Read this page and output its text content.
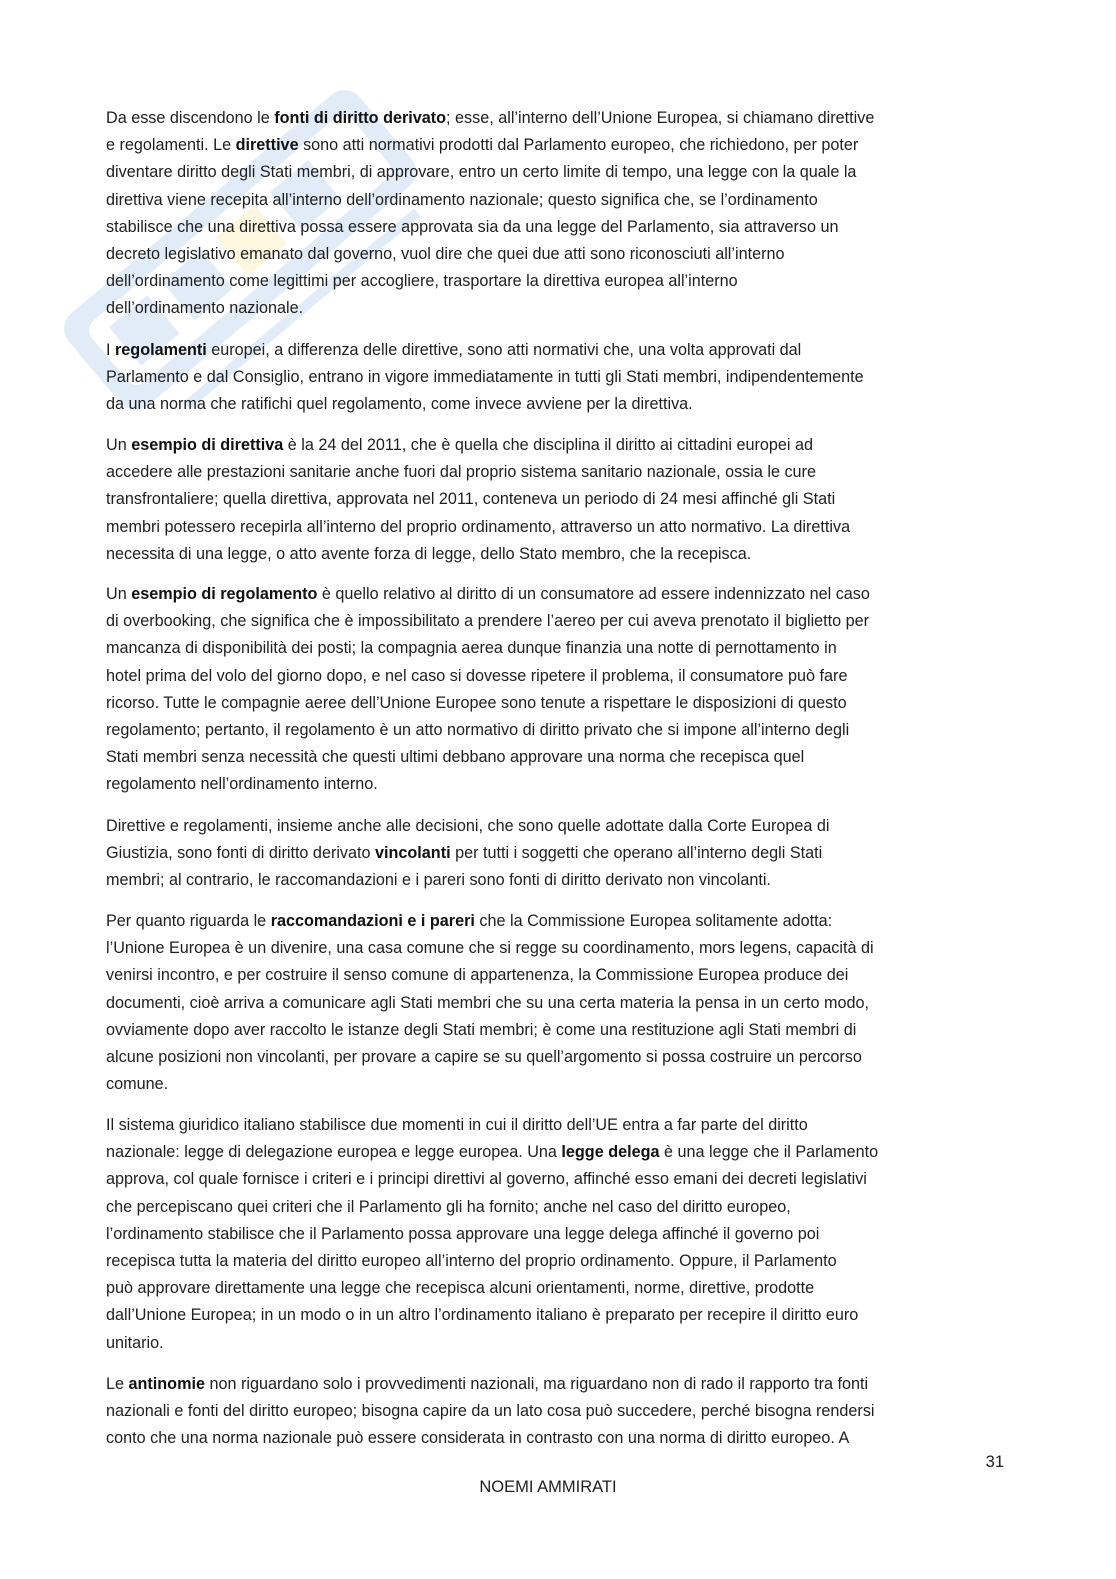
Da esse discendono le fonti di diritto derivato; esse, all’interno dell’Unione Europea, si chiamano direttive
e regolamenti. Le direttive sono atti normativi prodotti dal Parlamento europeo, che richiedono, per poter
diventare diritto degli Stati membri, di approvare, entro un certo limite di tempo, una legge con la quale la
direttiva viene recepita all’interno dell’ordinamento nazionale; questo significa che, se l’ordinamento
stabilisce che una direttiva possa essere approvata sia da una legge del Parlamento, sia attraverso un
decreto legislativo emanato dal governo, vuol dire che quei due atti sono riconosciuti all’interno
dell’ordinamento come legittimi per accogliere, trasportare la direttiva europea all’interno
dell’ordinamento nazionale.
I regolamenti europei, a differenza delle direttive, sono atti normativi che, una volta approvati dal
Parlamento e dal Consiglio, entrano in vigore immediatamente in tutti gli Stati membri, indipendentemente
da una norma che ratifichi quel regolamento, come invece avviene per la direttiva.
Un esempio di direttiva è la 24 del 2011, che è quella che disciplina il diritto ai cittadini europei ad
accedere alle prestazioni sanitarie anche fuori dal proprio sistema sanitario nazionale, ossia le cure
transfrontaliere; quella direttiva, approvata nel 2011, conteneva un periodo di 24 mesi affinché gli Stati
membri potessero recepirla all’interno del proprio ordinamento, attraverso un atto normativo. La direttiva
necessita di una legge, o atto avente forza di legge, dello Stato membro, che la recepisca.
Un esempio di regolamento è quello relativo al diritto di un consumatore ad essere indennizzato nel caso
di overbooking, che significa che è impossibilitato a prendere l’aereo per cui aveva prenotato il biglietto per
mancanza di disponibilità dei posti; la compagnia aerea dunque finanzia una notte di pernottamento in
hotel prima del volo del giorno dopo, e nel caso si dovesse ripetere il problema, il consumatore può fare
ricorso. Tutte le compagnie aeree dell’Unione Europee sono tenute a rispettare le disposizioni di questo
regolamento; pertanto, il regolamento è un atto normativo di diritto privato che si impone all’interno degli
Stati membri senza necessità che questi ultimi debbano approvare una norma che recepisca quel
regolamento nell’ordinamento interno.
Direttive e regolamenti, insieme anche alle decisioni, che sono quelle adottate dalla Corte Europea di
Giustizia, sono fonti di diritto derivato vincolanti per tutti i soggetti che operano all’interno degli Stati
membri; al contrario, le raccomandazioni e i pareri sono fonti di diritto derivato non vincolanti.
Per quanto riguarda le raccomandazioni e i pareri che la Commissione Europea solitamente adotta:
l’Unione Europea è un divenire, una casa comune che si regge su coordinamento, mors legens, capacità di
venirsi incontro, e per costruire il senso comune di appartenenza, la Commissione Europea produce dei
documenti, cioè arriva a comunicare agli Stati membri che su una certa materia la pensa in un certo modo,
ovviamente dopo aver raccolto le istanze degli Stati membri; è come una restituzione agli Stati membri di
alcune posizioni non vincolanti, per provare a capire se su quell’argomento si possa costruire un percorso
comune.
Il sistema giuridico italiano stabilisce due momenti in cui il diritto dell’UE entra a far parte del diritto
nazionale: legge di delegazione europea e legge europea. Una legge delega è una legge che il Parlamento
approva, col quale fornisce i criteri e i principi direttivi al governo, affinché esso emani dei decreti legislativi
che percepiscano quei criteri che il Parlamento gli ha fornito; anche nel caso del diritto europeo,
l’ordinamento stabilisce che il Parlamento possa approvare una legge delega affinché il governo poi
recepisca tutta la materia del diritto europeo all’interno del proprio ordinamento. Oppure, il Parlamento
può approvare direttamente una legge che recepisca alcuni orientamenti, norme, direttive, prodotte
dall’Unione Europea; in un modo o in un altro l’ordinamento italiano è preparato per recepire il diritto euro
unitario.
Le antinomie non riguardano solo i provvedimenti nazionali, ma riguardano non di rado il rapporto tra fonti
nazionali e fonti del diritto europeo; bisogna capire da un lato cosa può succedere, perché bisogna rendersi
conto che una norma nazionale può essere considerata in contrasto con una norma di diritto europeo. A
31
NOEMI AMMIRATI
